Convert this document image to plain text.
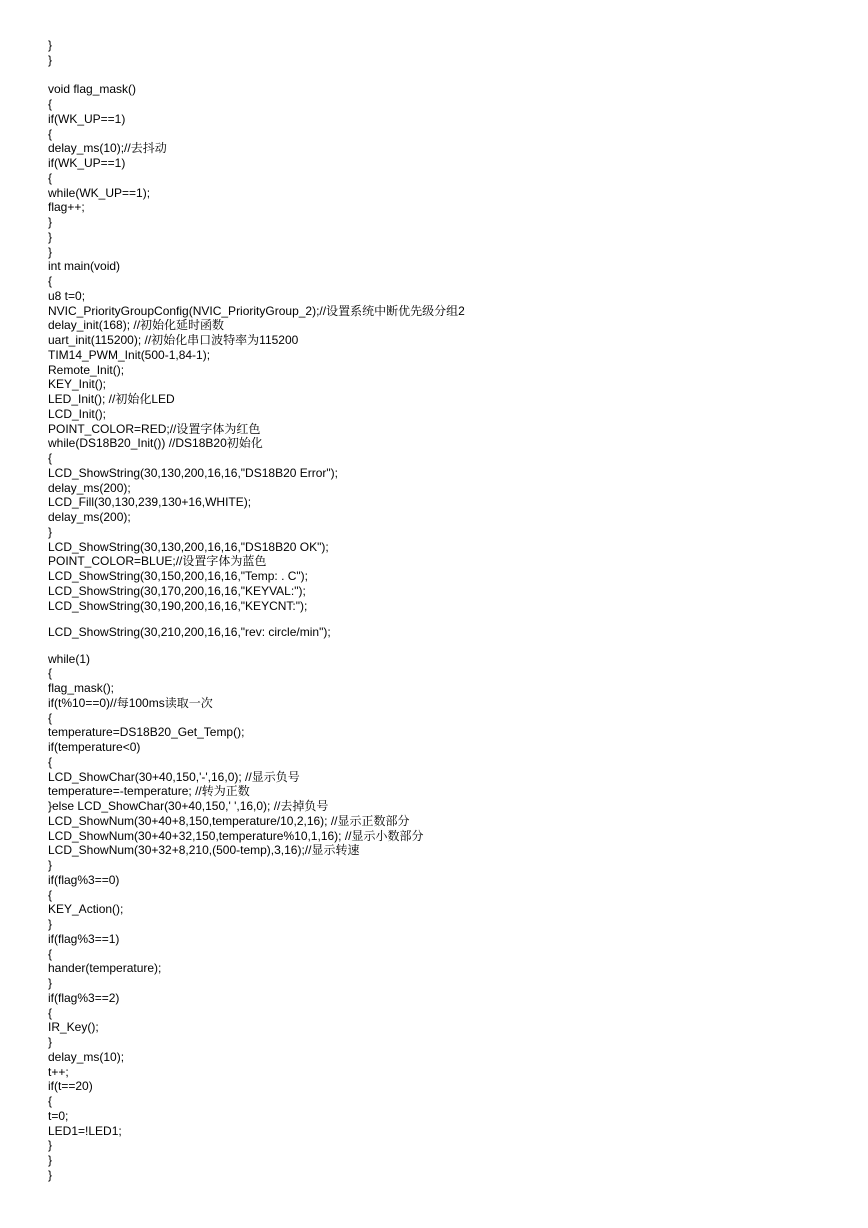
}
}
void flag_mask()
{
if(WK_UP==1)
{
delay_ms(10);//去抖动
if(WK_UP==1)
{
while(WK_UP==1);
flag++;
}
}
}
int main(void)
{
u8 t=0;
NVIC_PriorityGroupConfig(NVIC_PriorityGroup_2);//设置系统中断优先级分组2
delay_init(168); //初始化延时函数
uart_init(115200); //初始化串口波特率为115200
TIM14_PWM_Init(500-1,84-1);
Remote_Init();
KEY_Init();
LED_Init(); //初始化LED
LCD_Init();
POINT_COLOR=RED;//设置字体为红色
while(DS18B20_Init()) //DS18B20初始化
{
LCD_ShowString(30,130,200,16,16,"DS18B20 Error");
delay_ms(200);
LCD_Fill(30,130,239,130+16,WHITE);
delay_ms(200);
}
LCD_ShowString(30,130,200,16,16,"DS18B20 OK");
POINT_COLOR=BLUE;//设置字体为蓝色
LCD_ShowString(30,150,200,16,16,"Temp: . C");
LCD_ShowString(30,170,200,16,16,"KEYVAL:");
LCD_ShowString(30,190,200,16,16,"KEYCNT:");
LCD_ShowString(30,210,200,16,16,"rev: circle/min");
while(1)
{
flag_mask();
if(t%10==0)//每100ms读取一次
{
temperature=DS18B20_Get_Temp();
if(temperature<0)
{
LCD_ShowChar(30+40,150,'-',16,0); //显示负号
temperature=-temperature; //转为正数
}else LCD_ShowChar(30+40,150,' ',16,0); //去掉负号
LCD_ShowNum(30+40+8,150,temperature/10,2,16); //显示正数部分
LCD_ShowNum(30+40+32,150,temperature%10,1,16); //显示小数部分
LCD_ShowNum(30+32+8,210,(500-temp),3,16);//显示转速
}
if(flag%3==0)
{
KEY_Action();
}
if(flag%3==1)
{
hander(temperature);
}
if(flag%3==2)
{
IR_Key();
}
delay_ms(10);
t++;
if(t==20)
{
t=0;
LED1=!LED1;
}
}
}
